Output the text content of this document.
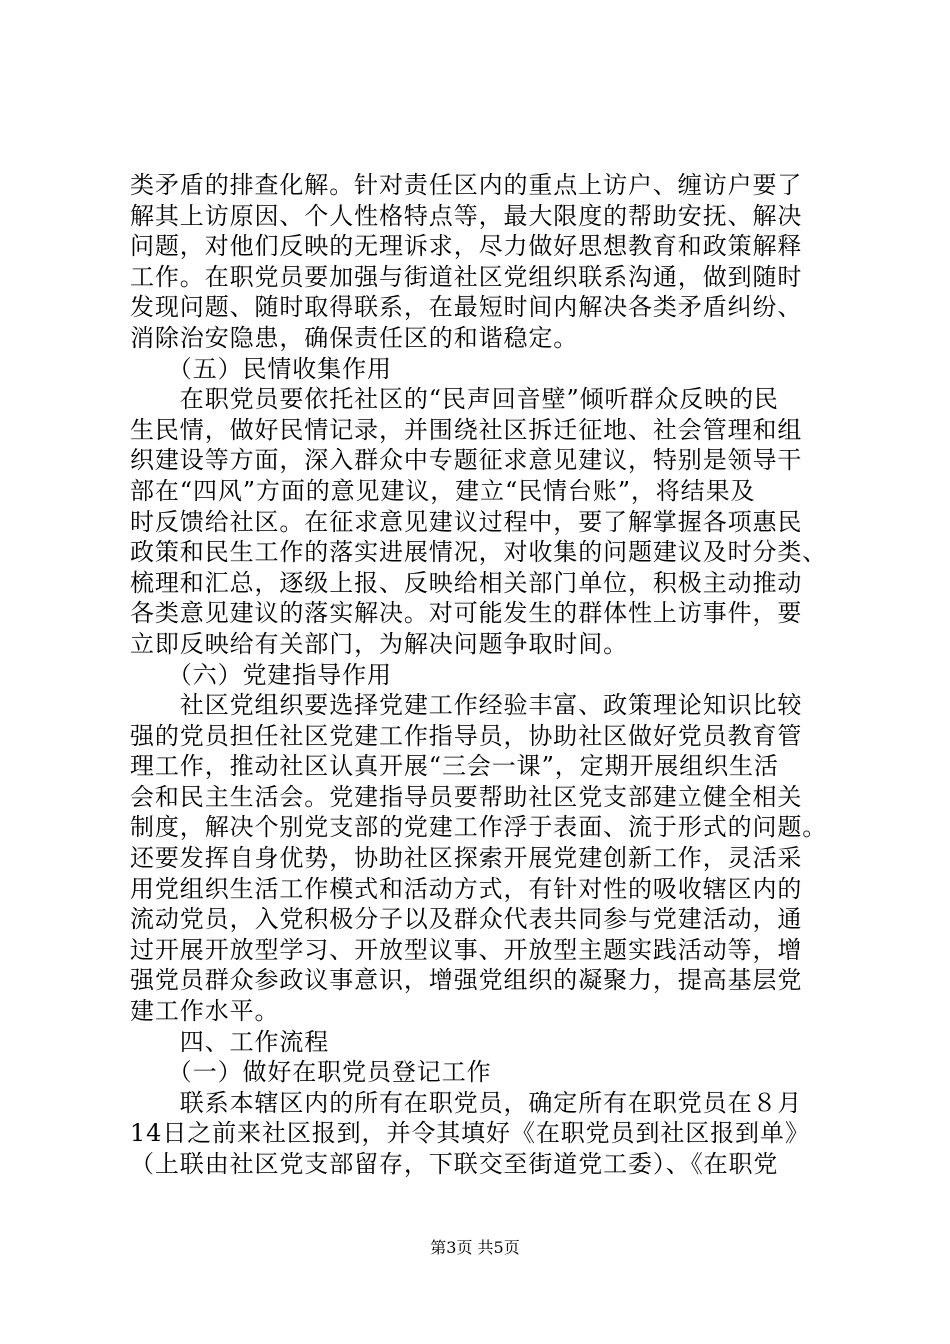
类矛盾的排查化解。针对责任区内的重点上访户、缠访户要了
解其上访原因、个人性格特点等，最大限度的帮助安抚、解决
问题，对他们反映的无理诉求，尽力做好思想教育和政策解释
工作。在职党员要加强与街道社区党组织联系沟通，做到随时
发现问题、随时取得联系，在最短时间内解决各类矛盾纠纷、
消除治安隐患，确保责任区的和谐稳定。
　　（五）民情收集作用
　　在职党员要依托社区的“民声回音壁”倾听群众反映的民
生民情，做好民情记录，并围绕社区拆迁征地、社会管理和组
织建设等方面，深入群众中专题征求意见建议，特别是领导干
部在“四风”方面的意见建议，建立“民情台账”，将结果及
时反馈给社区。在征求意见建议过程中，要了解掌握各项惠民
政策和民生工作的落实进展情况，对收集的问题建议及时分类、
梳理和汇总，逐级上报、反映给相关部门单位，积极主动推动
各类意见建议的落实解决。对可能发生的群体性上访事件，要
立即反映给有关部门，为解决问题争取时间。
　　（六）党建指导作用
　　社区党组织要选择党建工作经验丰富、政策理论知识比较
强的党员担任社区党建工作指导员，协助社区做好党员教育管
理工作，推动社区认真开展“三会一课”，定期开展组织生活
会和民主生活会。党建指导员要帮助社区党支部建立健全相关
制度，解决个别党支部的党建工作浮于表面、流于形式的问题。
还要发挥自身优势，协助社区探索开展党建创新工作，灵活采
用党组织生活工作模式和活动方式，有针对性的吸收辖区内的
流动党员，入党积极分子以及群众代表共同参与党建活动，通
过开展开放型学习、开放型议事、开放型主题实践活动等，增
强党员群众参政议事意识，增强党组织的凝聚力，提高基层党
建工作水平。
　　四、工作流程
　　（一）做好在职党员登记工作
　　联系本辖区内的所有在职党员，确定所有在职党员在８月
14日之前来社区报到，并令其填好《在职党员到社区报到单》
（上联由社区党支部留存，下联交至街道党工委）、《在职党
第3页 共5页
